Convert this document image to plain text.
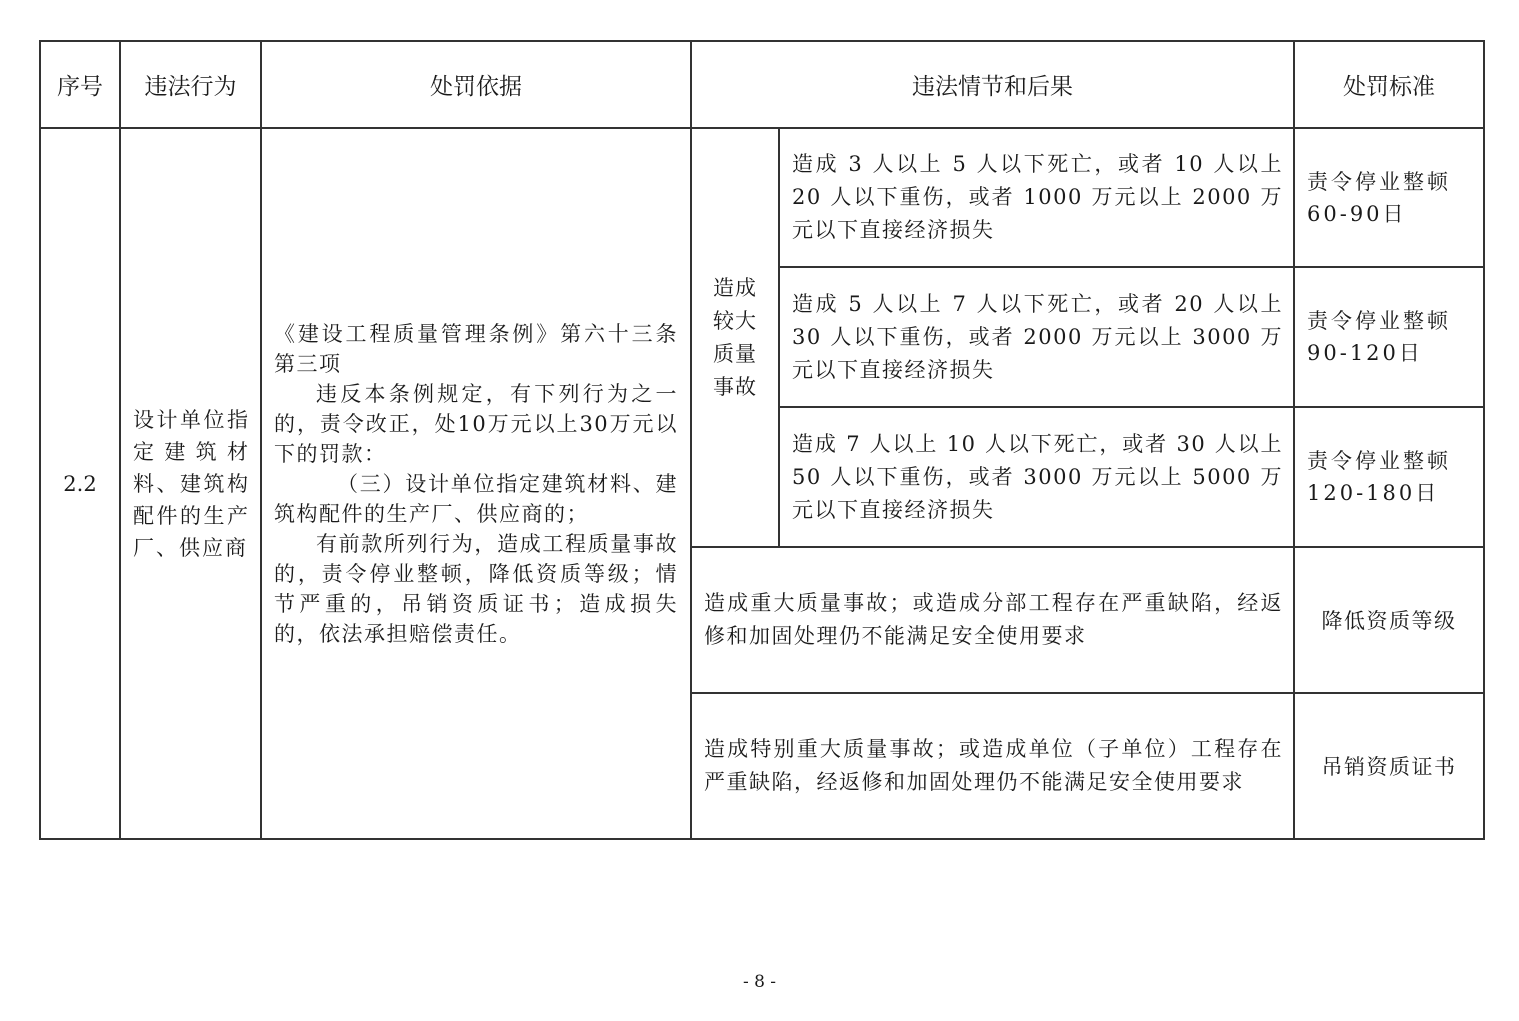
序号	违法行为	处罚依据	违法情节和后果		处罚标准
2.2	设计单位指定建筑材料、建筑构配件的生产厂、供应商	《建设工程质量管理条例》第六十三条第三项

违反本条例规定，有下列行为之一的，责令改正，处10万元以上30万元以下的罚款：

（三）设计单位指定建筑材料、建筑构配件的生产厂、供应商的；

有前款所列行为，造成工程质量事故的，责令停业整顿，降低资质等级；情节严重的，吊销资质证书；造成损失的，依法承担赔偿责任。	造成较大质量事故	造成 3 人以上 5 人以下死亡，或者 10 人以上 20 人以下重伤，或者 1000 万元以上 2000 万元以下直接经济损失	责令停业整顿60-90日
				造成 5 人以上 7 人以下死亡，或者 20 人以上 30 人以下重伤，或者 2000 万元以上 3000 万元以下直接经济损失	责令停业整顿90-120日
				造成 7 人以上 10 人以下死亡，或者 30 人以上 50 人以下重伤，或者 3000 万元以上 5000 万元以下直接经济损失	责令停业整顿120-180日
			造成重大质量事故；或造成分部工程存在严重缺陷，经返修和加固处理仍不能满足安全使用要求		降低资质等级
			造成特别重大质量事故；或造成单位（子单位）工程存在严重缺陷，经返修和加固处理仍不能满足安全使用要求		吊销资质证书
- 8 -
